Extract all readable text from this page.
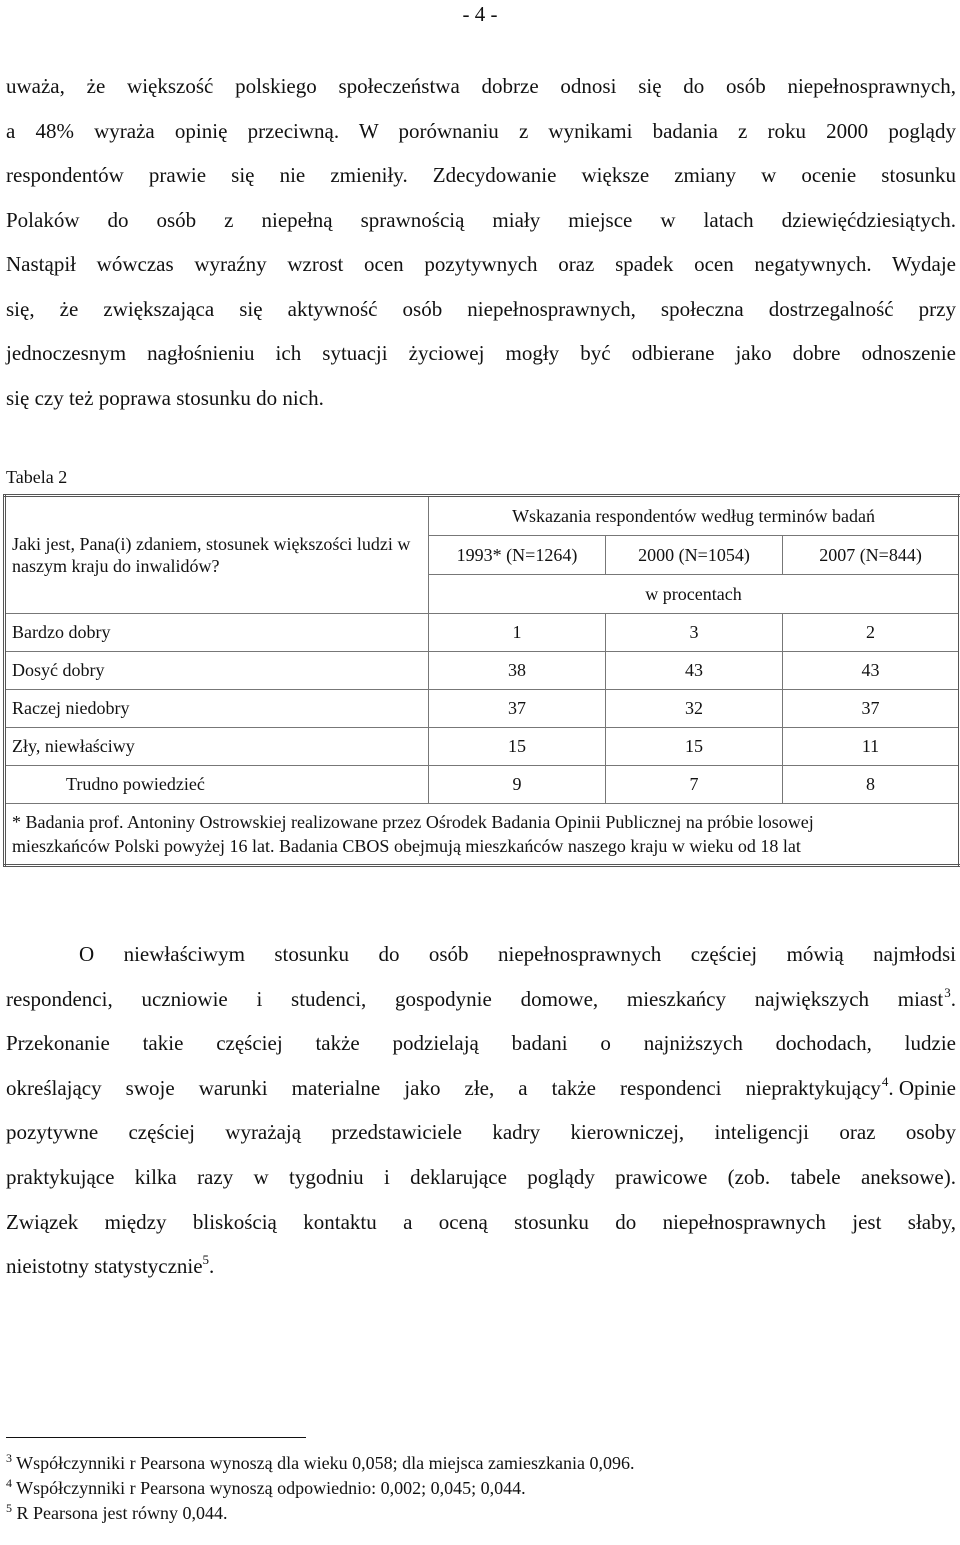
- 4 -
uważa, że większość polskiego społeczeństwa dobrze odnosi się do osób niepełnosprawnych,
a 48% wyraża opinię przeciwną. W porównaniu z wynikami badania z roku 2000 poglądy
respondentów prawie się nie zmieniły. Zdecydowanie większe zmiany w ocenie stosunku
Polaków do osób z niepełną sprawnością miały miejsce w latach dziewięćdziesiątych.
Nastąpił wówczas wyraźny wzrost ocen pozytywnych oraz spadek ocen negatywnych. Wydaje
się, że zwiększająca się aktywność osób niepełnosprawnych, społeczna dostrzegalność przy
jednoczesnym nagłośnieniu ich sytuacji życiowej mogły być odbierane jako dobre odnoszenie
się czy też poprawa stosunku do nich.
Tabela 2
Jaki jest, Pana(i) zdaniem, stosunek większości ludzi w naszym kraju do inwalidów?	Wskazania respondentów według terminów badań		
	1993* (N=1264)	2000 (N=1054)	2007 (N=844)
	w procentach		
Bardzo dobry	1	3	2
Dosyć dobry	38	43	43
Raczej niedobry	37	32	37
Zły, niewłaściwy	15	15	11
Trudno powiedzieć	9	7	8

* Badania prof. Antoniny Ostrowskiej realizowane przez Ośrodek Badania Opinii Publicznej na próbie losowej
mieszkańców Polski powyżej 16 lat. Badania CBOS obejmują mieszkańców naszego kraju w wieku od 18 lat			
O niewłaściwym stosunku do osób niepełnosprawnych częściej mówią najmłodsi
respondenci, uczniowie i studenci, gospodynie domowe, mieszkańcy największych miast $^3$.
Przekonanie takie częściej także podzielają badani o najniższych dochodach, ludzie
określający swoje warunki materialne jako złe, a także respondenci niepraktykujący $^4$. Opinie
pozytywne częściej wyrażają przedstawiciele kadry kierowniczej, inteligencji oraz osoby
praktykujące kilka razy w tygodniu i deklarujące poglądy prawicowe (zob. tabele aneksowe).
Związek między bliskością kontaktu a oceną stosunku do niepełnosprawnych jest słaby,
nieistotny statystycznie$^5$.
$^3$ Współczynniki r Pearsona wynoszą dla wieku 0,058; dla miejsca zamieszkania 0,096.
$^4$ Współczynniki r Pearsona wynoszą odpowiednio: 0,002; 0,045; 0,044.
$^5$ R Pearsona jest równy 0,044.
